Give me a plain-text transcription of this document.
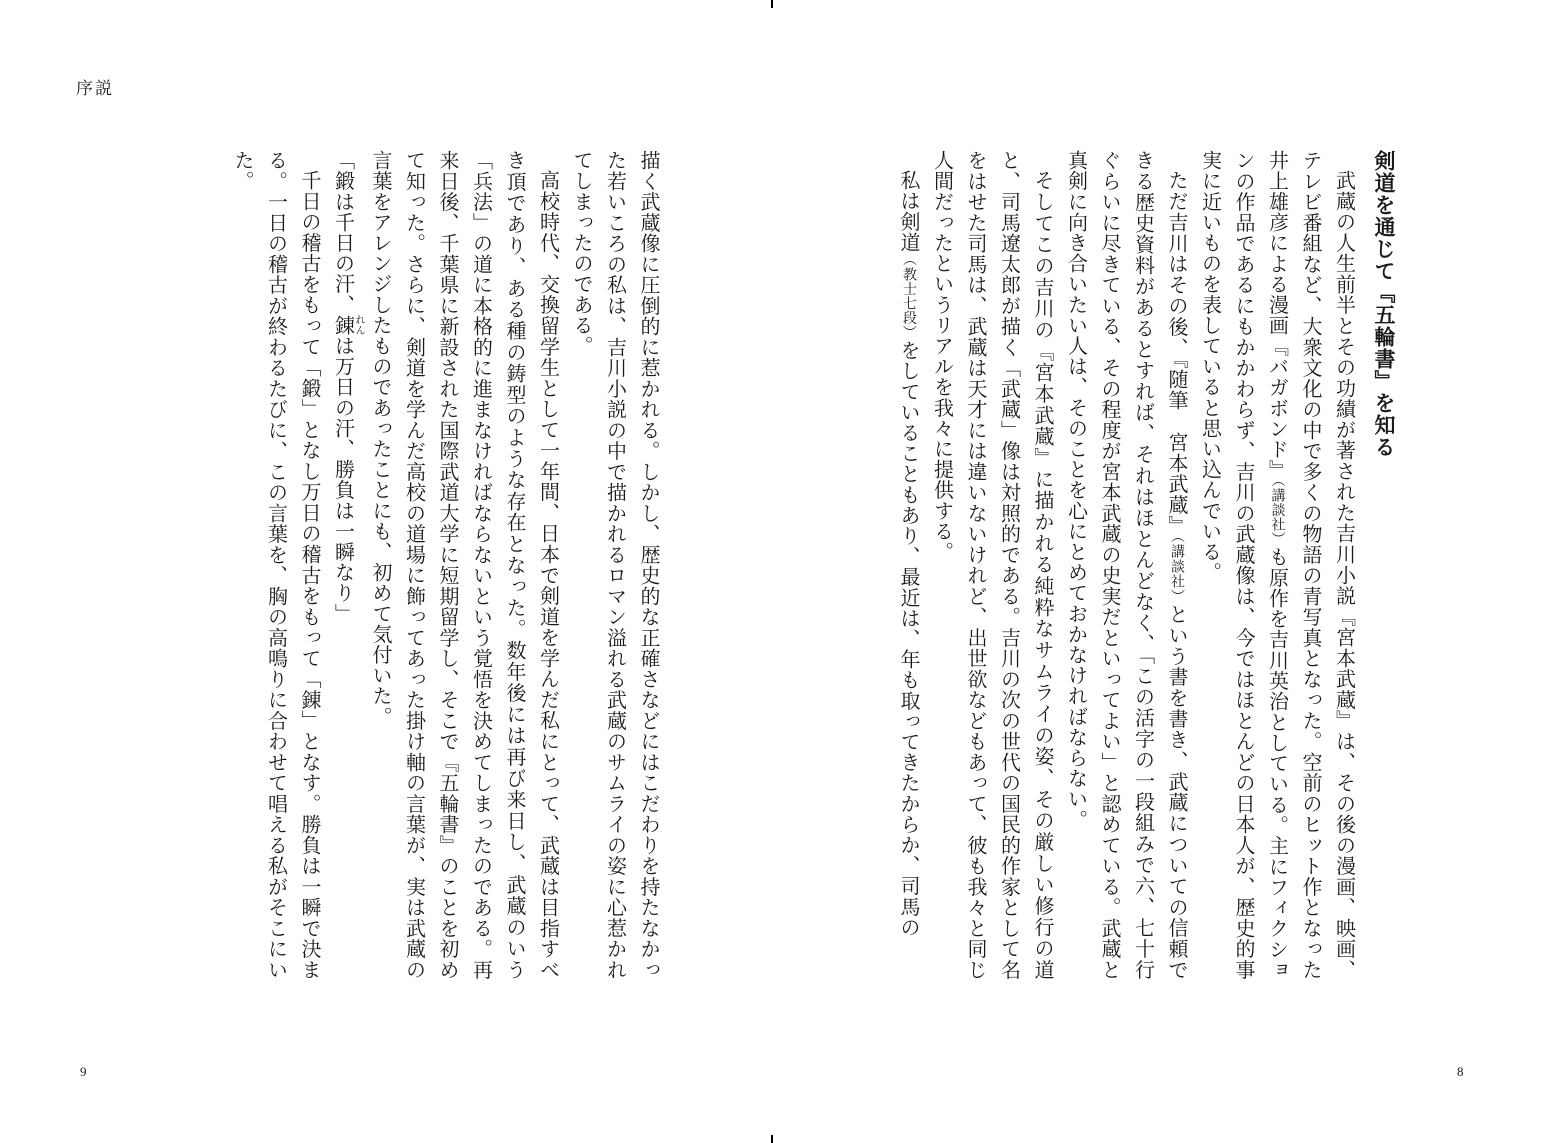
序説
剣道を通じて『五輪書』を知る

武蔵の人生前半とその功績が著された吉川小説『宮本武蔵』は、その後の漫画、映画、テレビ番組など、大衆文化の中で多くの物語の青写真となった。空前のヒット作となった井上雄彦による漫画『バガボンド』（講談社）も原作を吉川英治としている。主にフィクションの作品であるにもかかわらず、吉川の武蔵像は、今ではほとんどの日本人が、歴史的事実に近いものを表していると思い込んでいる。

ただ吉川はその後、『随筆　宮本武蔵』（講談社）という書を書き、武蔵についての信頼できる歴史資料があるとすれば、それはほとんどなく、「この活字の一段組みで六、七十行ぐらいに尽きている、その程度が宮本武蔵の史実だといってよい」と認めている。武蔵と真剣に向き合いたい人は、そのことを心にとめておかなければならない。

そしてこの吉川の『宮本武蔵』に描かれる純粋なサムライの姿、その厳しい修行の道と、司馬遼太郎が描く「武蔵」像は対照的である。吉川の次の世代の国民的作家として名をはせた司馬は、武蔵は天才には違いないけれど、出世欲などもあって、彼も我々と同じ人間だったというリアルを我々に提供する。

私は剣道（教士七段）をしていることもあり、最近は、年も取ってきたからか、司馬の

描く武蔵像に圧倒的に惹かれる。しかし、歴史的な正確さなどにはこだわりを持たなかった若いころの私は、吉川小説の中で描かれるロマン溢れる武蔵のサムライの姿に心惹かれてしまったのである。

高校時代、交換留学生として一年間、日本で剣道を学んだ私にとって、武蔵は目指すべき頂であり、ある種の鋳型のような存在となった。数年後には再び来日し、武蔵のいう「兵法」の道に本格的に進まなければならないという覚悟を決めてしまったのである。再来日後、千葉県に新設された国際武道大学に短期留学し、そこで『五輪書』のことを初めて知った。さらに、剣道を学んだ高校の道場に飾ってあった掛け軸の言葉が、実は武蔵の言葉をアレンジしたものであったことにも、初めて気付いた。

「鍛は千日の汗、錬れんは万日の汗、勝負は一瞬なり」

千日の稽古をもって「鍛」となし万日の稽古をもって「錬」となす。勝負は一瞬で決まる。一日の稽古が終わるたびに、この言葉を、胸の高鳴りに合わせて唱える私がそこにいた。

9	8
